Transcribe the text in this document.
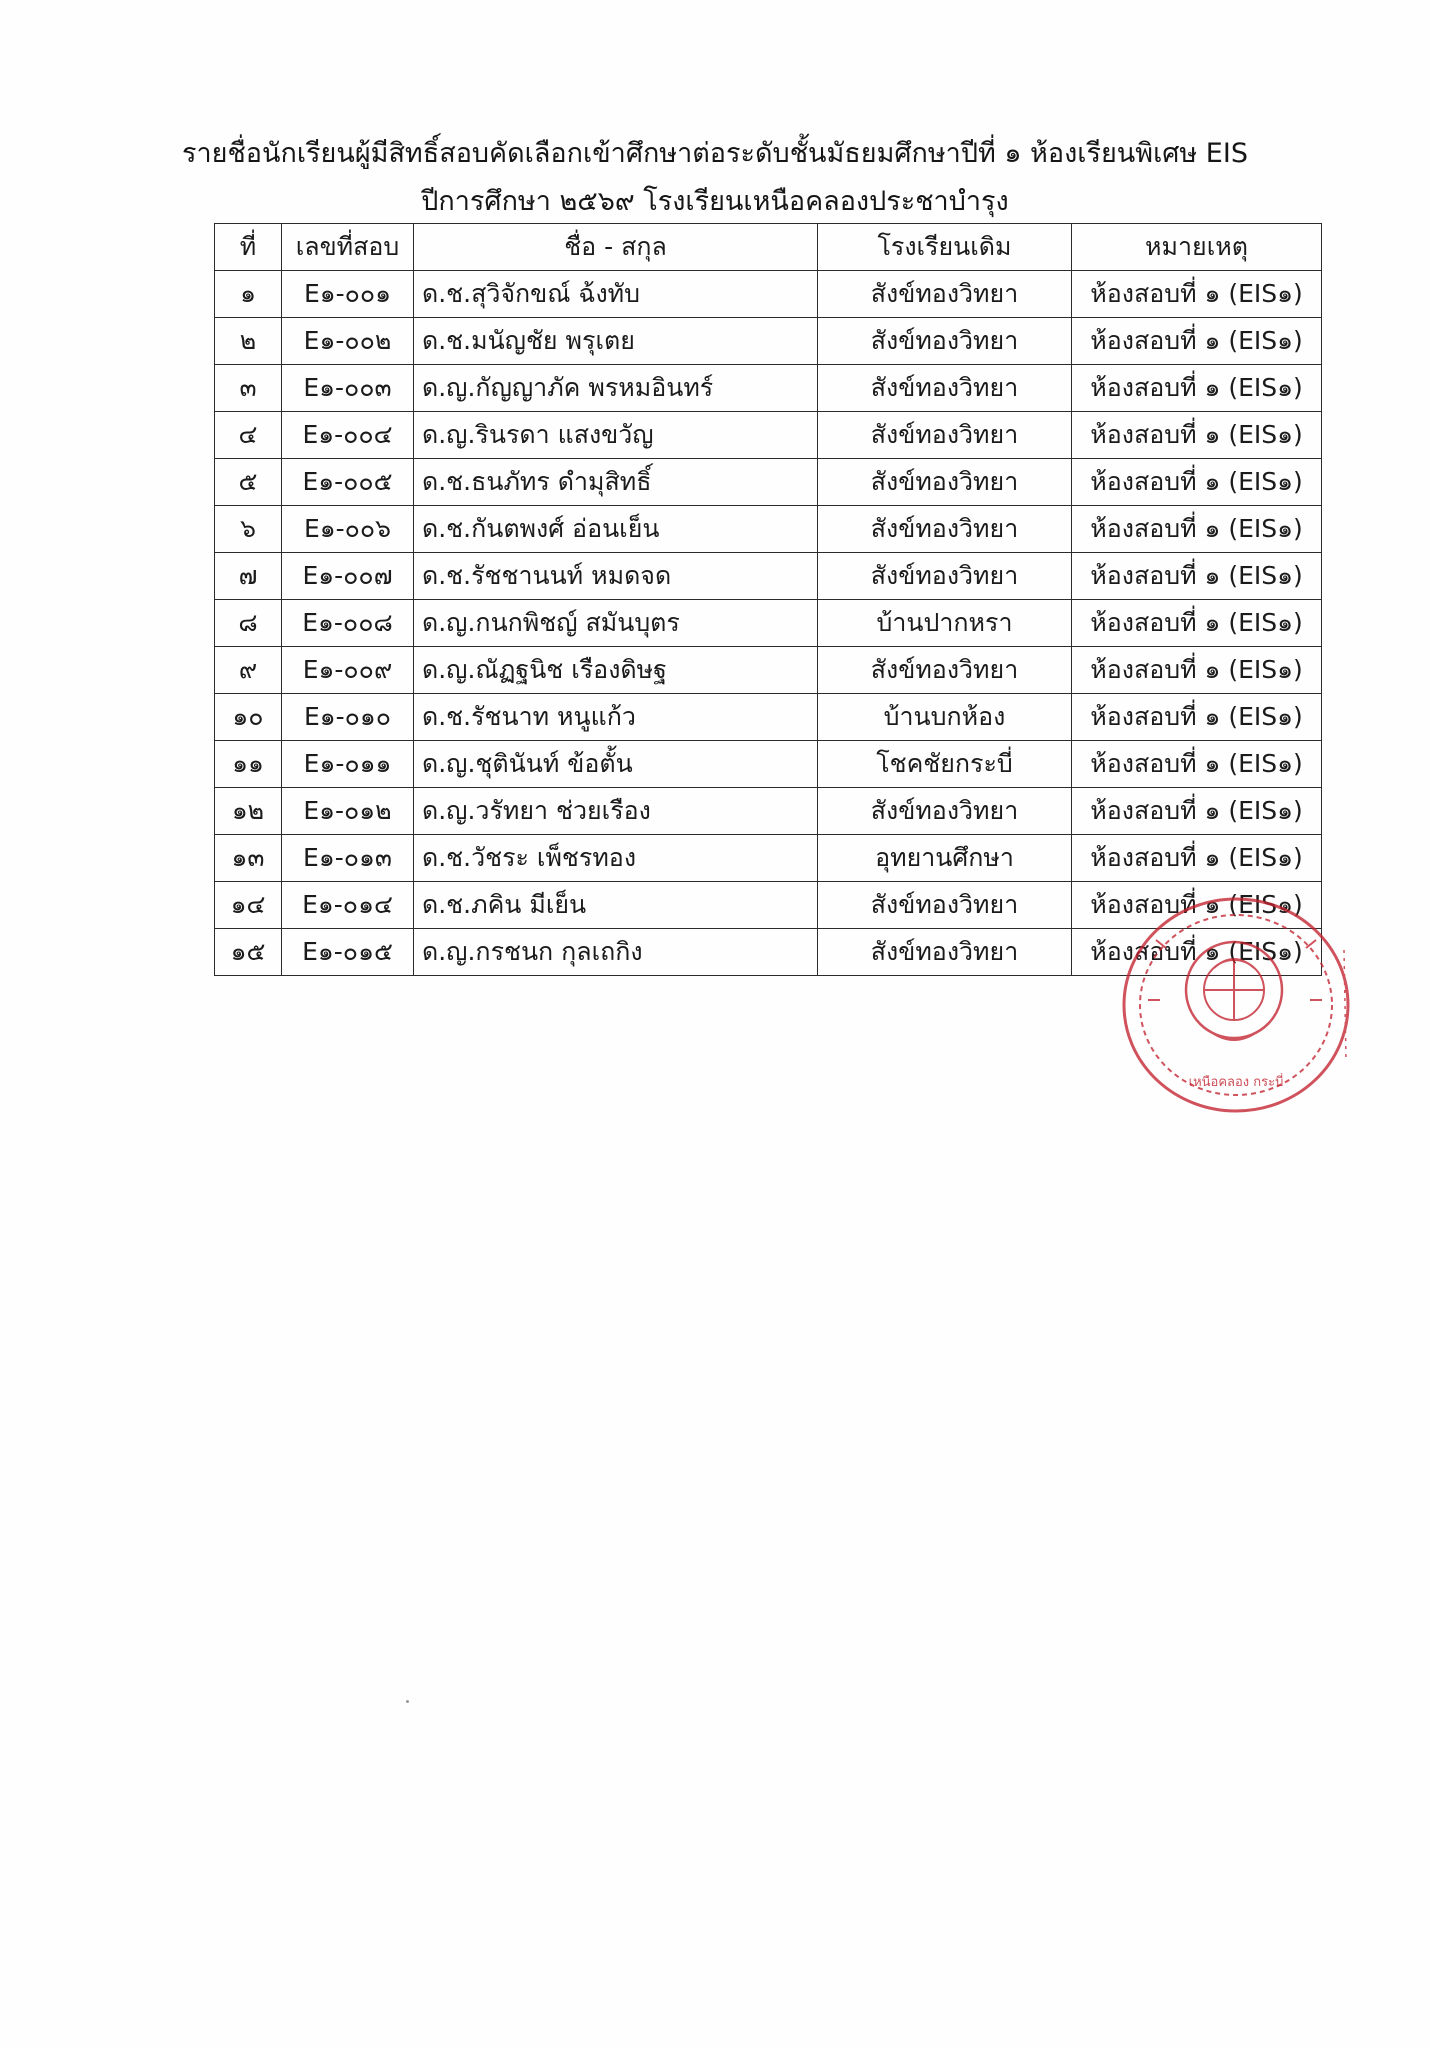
รายชื่อนักเรียนผู้มีสิทธิ์สอบคัดเลือกเข้าศึกษาต่อระดับชั้นมัธยมศึกษาปีที่ ๑ ห้องเรียนพิเศษ EIS
ปีการศึกษา ๒๕๖๙ โรงเรียนเหนือคลองประชาบำรุง
ที่	เลขที่สอบ	ชื่อ - สกุล	โรงเรียนเดิม	หมายเหตุ
๑	E๑-๐๐๑	ด.ช.สุวิจักขณ์ ฉ้งทับ	สังข์ทองวิทยา	ห้องสอบที่ ๑ (EIS๑)
๒	E๑-๐๐๒	ด.ช.มนัญชัย พรุเตย	สังข์ทองวิทยา	ห้องสอบที่ ๑ (EIS๑)
๓	E๑-๐๐๓	ด.ญ.กัญญาภัค พรหมอินทร์	สังข์ทองวิทยา	ห้องสอบที่ ๑ (EIS๑)
๔	E๑-๐๐๔	ด.ญ.รินรดา แสงขวัญ	สังข์ทองวิทยา	ห้องสอบที่ ๑ (EIS๑)
๕	E๑-๐๐๕	ด.ช.ธนภัทร ดำมุสิทธิ์	สังข์ทองวิทยา	ห้องสอบที่ ๑ (EIS๑)
๖	E๑-๐๐๖	ด.ช.กันตพงศ์ อ่อนเย็น	สังข์ทองวิทยา	ห้องสอบที่ ๑ (EIS๑)
๗	E๑-๐๐๗	ด.ช.รัชชานนท์ หมดจด	สังข์ทองวิทยา	ห้องสอบที่ ๑ (EIS๑)
๘	E๑-๐๐๘	ด.ญ.กนกพิชญ์ สมันบุตร	บ้านปากหรา	ห้องสอบที่ ๑ (EIS๑)
๙	E๑-๐๐๙	ด.ญ.ณัฏฐนิช เรืองดิษฐ	สังข์ทองวิทยา	ห้องสอบที่ ๑ (EIS๑)
๑๐	E๑-๐๑๐	ด.ช.รัชนาท หนูแก้ว	บ้านบกห้อง	ห้องสอบที่ ๑ (EIS๑)
๑๑	E๑-๐๑๑	ด.ญ.ชุตินันท์ ข้อตั้น	โชคชัยกระบี่	ห้องสอบที่ ๑ (EIS๑)
๑๒	E๑-๐๑๒	ด.ญ.วรัทยา ช่วยเรือง	สังข์ทองวิทยา	ห้องสอบที่ ๑ (EIS๑)
๑๓	E๑-๐๑๓	ด.ช.วัชระ เพ็ชรทอง	อุทยานศึกษา	ห้องสอบที่ ๑ (EIS๑)
๑๔	E๑-๐๑๔	ด.ช.ภคิน มีเย็น	สังข์ทองวิทยา	ห้องสอบที่ ๑ (EIS๑)
๑๕	E๑-๐๑๕	ด.ญ.กรชนก กุลเถกิง	สังข์ทองวิทยา	ห้องสอบที่ ๑ (EIS๑)
เหนือคลอง กระบี่
